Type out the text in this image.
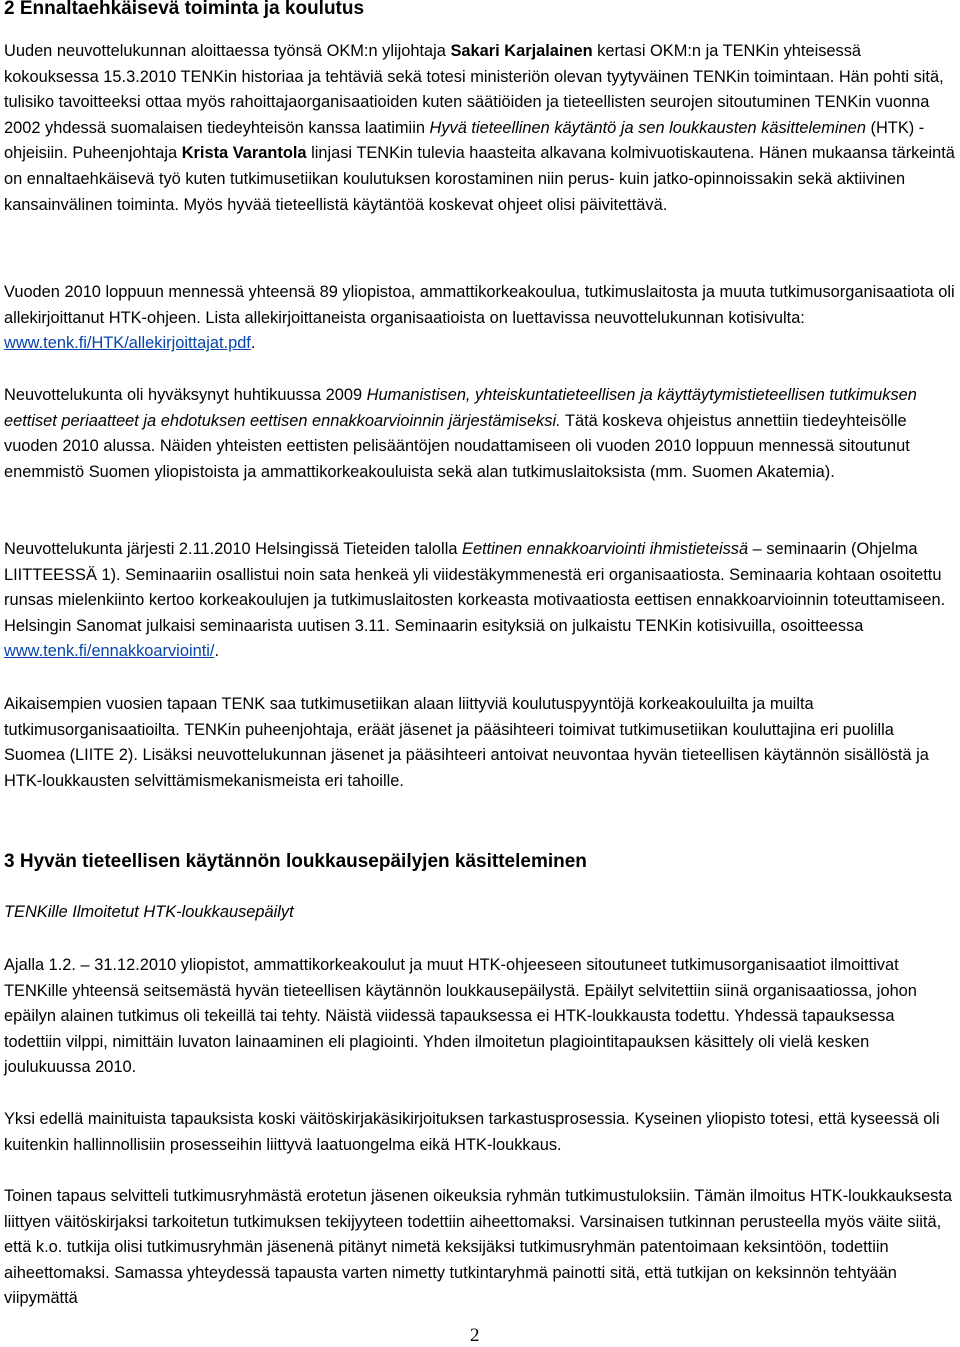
2 Ennaltaehkäisevä toiminta ja koulutus

Uuden neuvottelukunnan aloittaessa työnsä OKM:n ylijohtaja Sakari Karjalainen kertasi OKM:n ja TENKin yhteisessä kokouksessa 15.3.2010 TENKin historiaa ja tehtäviä sekä totesi ministeriön olevan tyytyväinen TENKin toimintaan. Hän pohti sitä, tulisiko tavoitteeksi ottaa myös rahoittajaorganisaatioiden kuten säätiöiden ja tieteellisten seurojen sitoutuminen TENKin vuonna 2002 yhdessä suomalaisen tiedeyhteisön kanssa laatimiin Hyvä tieteellinen käytäntö ja sen loukkausten käsitteleminen (HTK) -ohjeisiin. Puheenjohtaja Krista Varantola linjasi TENKin tulevia haasteita alkavana kolmivuotiskautena. Hänen mukaansa tärkeintä on ennaltaehkäisevä työ kuten tutkimusetiikan koulutuksen korostaminen niin perus- kuin jatko-opinnoissakin sekä aktiivinen kansainvälinen toiminta. Myös hyvää tieteellistä käytäntöä koskevat ohjeet olisi päivitettävä.

Vuoden 2010 loppuun mennessä yhteensä 89 yliopistoa, ammattikorkeakoulua, tutkimuslaitosta ja muuta tutkimusorganisaatiota oli allekirjoittanut HTK-ohjeen. Lista allekirjoittaneista organisaatioista on luettavissa neuvottelukunnan kotisivulta: www.tenk.fi/HTK/allekirjoittajat.pdf.

Neuvottelukunta oli hyväksynyt huhtikuussa 2009 Humanistisen, yhteiskuntatieteellisen ja käyttäytymistieteellisen tutkimuksen eettiset periaatteet ja ehdotuksen eettisen ennakkoarvioinnin järjestämiseksi. Tätä koskeva ohjeistus annettiin tiedeyhteisölle vuoden 2010 alussa. Näiden yhteisten eettisten pelisääntöjen noudattamiseen oli vuoden 2010 loppuun mennessä sitoutunut enemmistö Suomen yliopistoista ja ammattikorkeakouluista sekä alan tutkimuslaitoksista (mm. Suomen Akatemia).

Neuvottelukunta järjesti 2.11.2010 Helsingissä Tieteiden talolla Eettinen ennakkoarviointi ihmistieteissä – seminaarin (Ohjelma LIITTEESSÄ 1). Seminaariin osallistui noin sata henkeä yli viidestäkymmenestä eri organisaatiosta. Seminaaria kohtaan osoitettu runsas mielenkiinto kertoo korkeakoulujen ja tutkimuslaitosten korkeasta motivaatiosta eettisen ennakkoarvioinnin toteuttamiseen. Helsingin Sanomat julkaisi seminaarista uutisen 3.11. Seminaarin esityksiä on julkaistu TENKin kotisivuilla, osoitteessa www.tenk.fi/ennakkoarviointi/.

Aikaisempien vuosien tapaan TENK saa tutkimusetiikan alaan liittyviä koulutuspyyntöjä korkeakouluilta ja muilta tutkimusorganisaatioilta. TENKin puheenjohtaja, eräät jäsenet ja pääsihteeri toimivat tutkimusetiikan kouluttajina eri puolilla Suomea (LIITE 2). Lisäksi neuvottelukunnan jäsenet ja pääsihteeri antoivat neuvontaa hyvän tieteellisen käytännön sisällöstä ja HTK-loukkausten selvittämismekanismeista eri tahoille.

3 Hyvän tieteellisen käytännön loukkausepäilyjen käsitteleminen

TENKille Ilmoitetut HTK-loukkausepäilyt

Ajalla 1.2. – 31.12.2010 yliopistot, ammattikorkeakoulut ja muut HTK-ohjeeseen sitoutuneet tutkimusorganisaatiot ilmoittivat TENKille yhteensä seitsemästä hyvän tieteellisen käytännön loukkausepäilystä. Epäilyt selvitettiin siinä organisaatiossa, johon epäilyn alainen tutkimus oli tekeillä tai tehty. Näistä viidessä tapauksessa ei HTK-loukkausta todettu. Yhdessä tapauksessa todettiin vilppi, nimittäin luvaton lainaaminen eli plagiointi. Yhden ilmoitetun plagiointitapauksen käsittely oli vielä kesken joulukuussa 2010.

Yksi edellä mainituista tapauksista koski väitöskirjakäsikirjoituksen tarkastusprosessia. Kyseinen yliopisto totesi, että kyseessä oli kuitenkin hallinnollisiin prosesseihin liittyvä laatuongelma eikä HTK-loukkaus.

Toinen tapaus selvitteli tutkimusryhmästä erotetun jäsenen oikeuksia ryhmän tutkimustuloksiin. Tämän ilmoitus HTK-loukkauksesta liittyen väitöskirjaksi tarkoitetun tutkimuksen tekijyyteen todettiin aiheettomaksi. Varsinaisen tutkinnan perusteella myös väite siitä, että k.o. tutkija olisi tutkimusryhmän jäsenenä pitänyt nimetä keksijäksi tutkimusryhmän patentoimaan keksintöön, todettiin aiheettomaksi. Samassa yhteydessä tapausta varten nimetty tutkintaryhmä painotti sitä, että tutkijan on keksinnön tehtyään viipymättä

2
